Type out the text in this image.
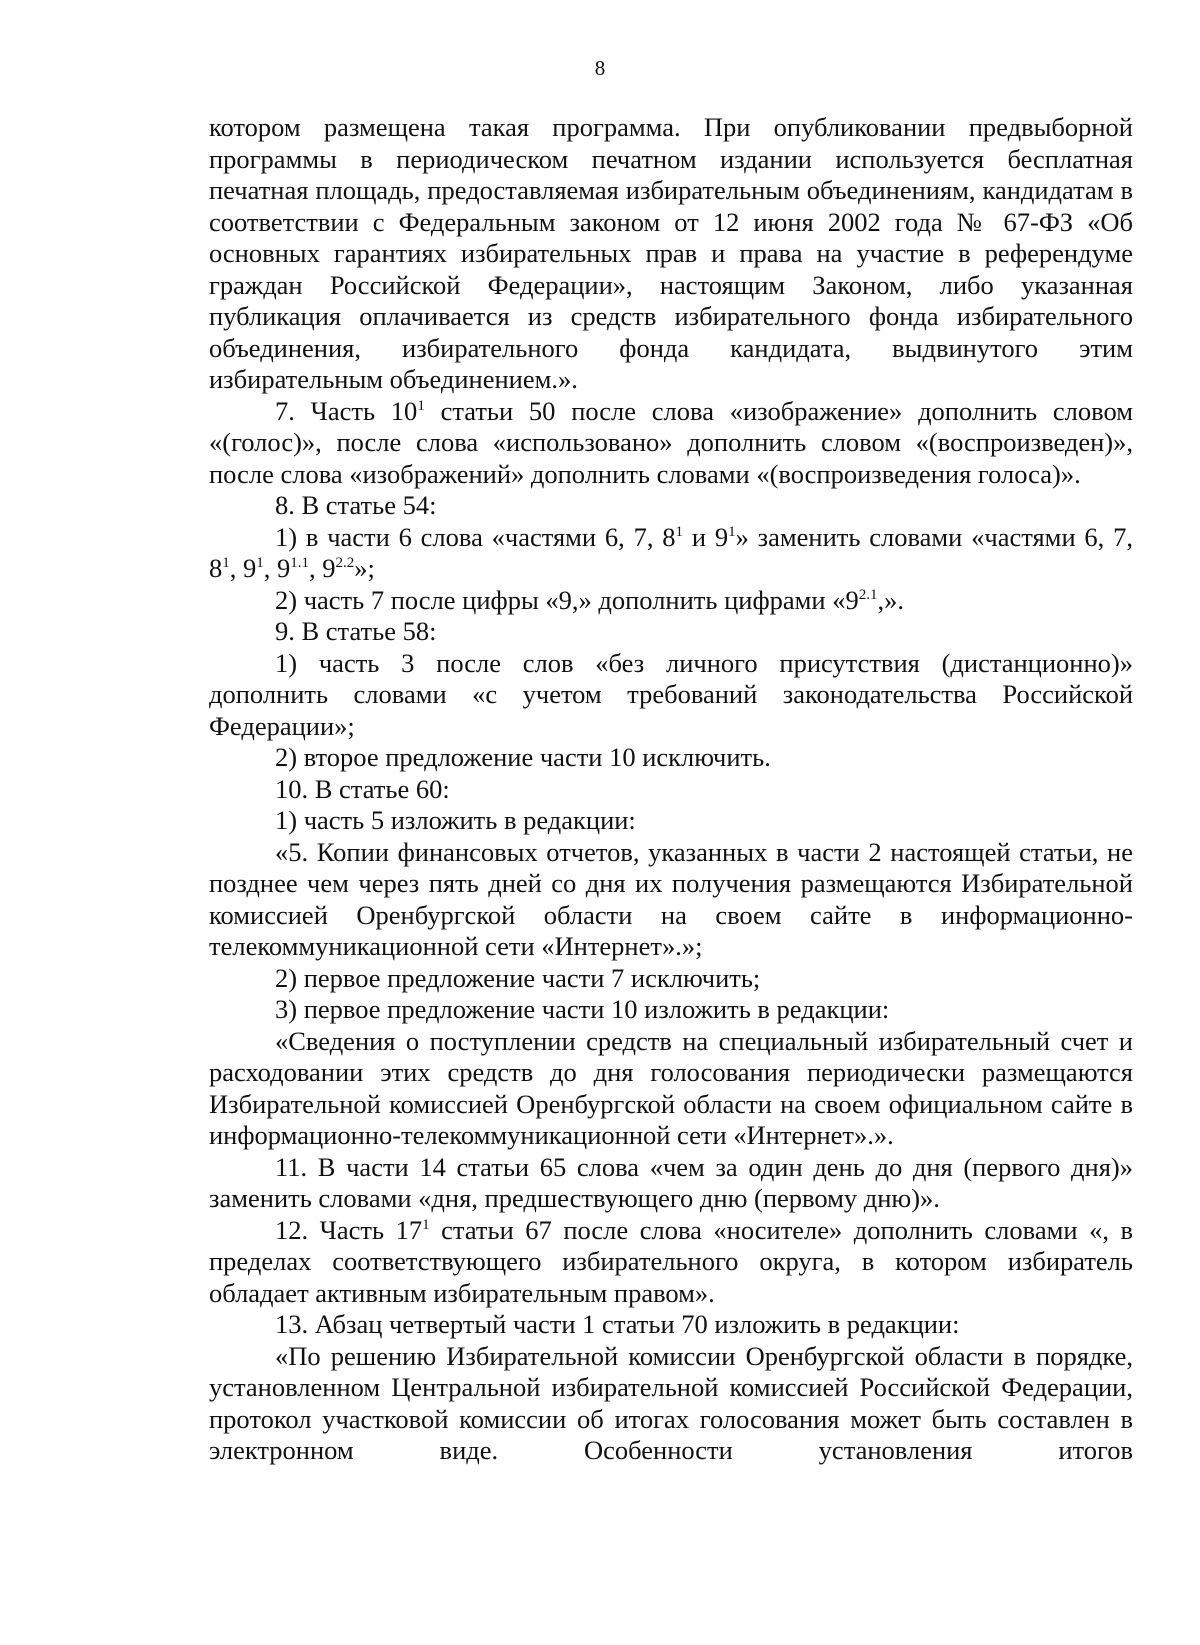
8

котором размещена такая программа. При опубликовании предвыборной программы в периодическом печатном издании используется бесплатная печатная площадь, предоставляемая избирательным объединениям, кандидатам в соответствии с Федеральным законом от 12 июня 2002 года № 67-ФЗ «Об основных гарантиях избирательных прав и права на участие в референдуме граждан Российской Федерации», настоящим Законом, либо указанная публикация оплачивается из средств избирательного фонда избирательного объединения, избирательного фонда кандидата, выдвинутого этим избирательным объединением.».

7. Часть $10^1$ статьи 50 после слова «изображение» дополнить словом «(голос)», после слова «использовано» дополнить словом «(воспроизведен)», после слова «изображений» дополнить словами «(воспроизведения голоса)».

8. В статье 54:

1) в части 6 слова «частями 6, 7, $8^1$ и $9^1$» заменить словами «частями 6, 7, $8^1$, $9^1$, $9^{1.1}$, $9^{2.2}$»;

2) часть 7 после цифры «9,» дополнить цифрами «$9^{2.1}$,».

9. В статье 58:

1) часть 3 после слов «без личного присутствия (дистанционно)» дополнить словами «с учетом требований законодательства Российской Федерации»;

2) второе предложение части 10 исключить.

10. В статье 60:

1) часть 5 изложить в редакции:

«5. Копии финансовых отчетов, указанных в части 2 настоящей статьи, не позднее чем через пять дней со дня их получения размещаются Избирательной комиссией Оренбургской области на своем сайте в информационно-телекоммуникационной сети «Интернет».»;

2) первое предложение части 7 исключить;

3) первое предложение части 10 изложить в редакции:

«Сведения о поступлении средств на специальный избирательный счет и расходовании этих средств до дня голосования периодически размещаются Избирательной комиссией Оренбургской области на своем официальном сайте в информационно-телекоммуникационной сети «Интернет».».

11. В части 14 статьи 65 слова «чем за один день до дня (первого дня)» заменить словами «дня, предшествующего дню (первому дню)».

12. Часть $17^1$ статьи 67 после слова «носителе» дополнить словами «, в пределах соответствующего избирательного округа, в котором избиратель обладает активным избирательным правом».

13. Абзац четвертый части 1 статьи 70 изложить в редакции:

«По решению Избирательной комиссии Оренбургской области в порядке, установленном Центральной избирательной комиссией Российской Федерации, протокол участковой комиссии об итогах голосования может быть составлен в электронном виде. Особенности установления итогов
